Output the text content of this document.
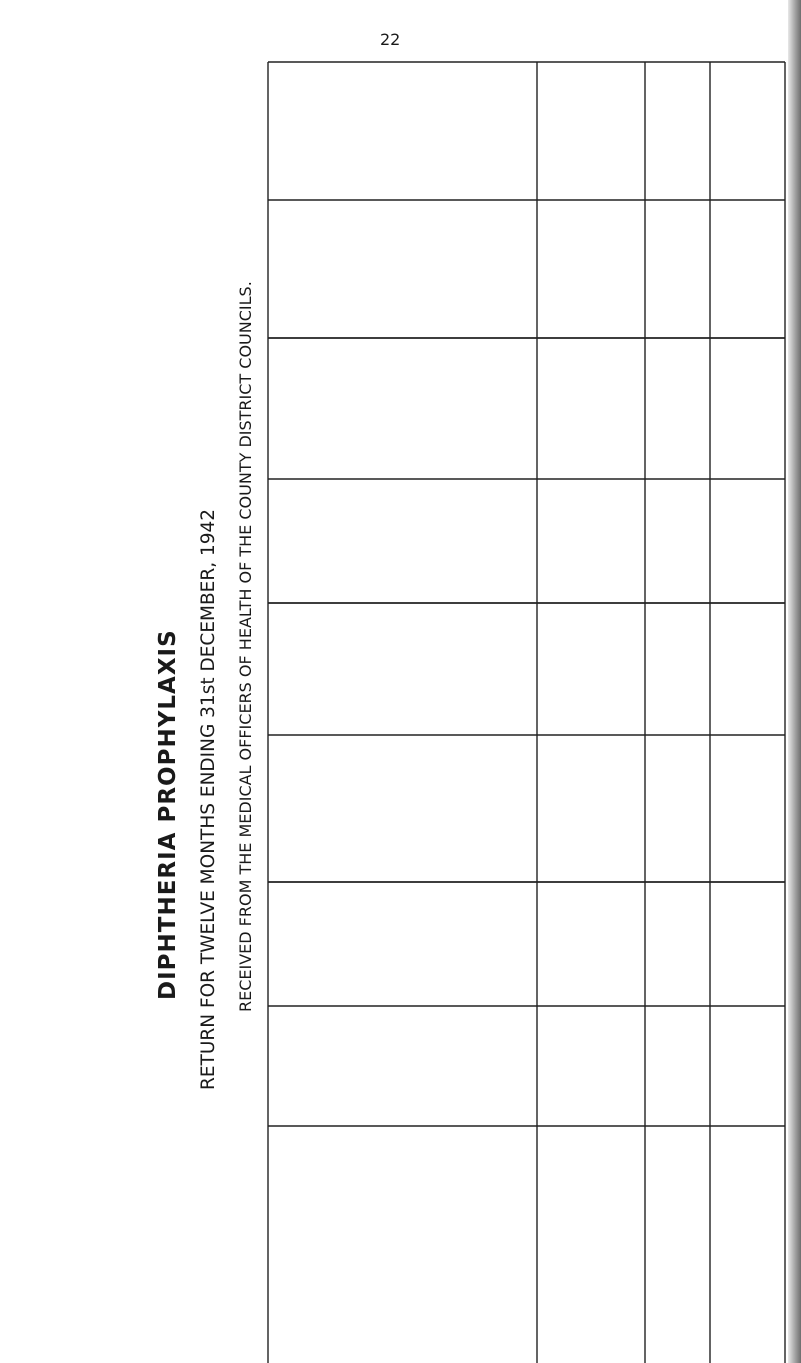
22
DIPHTHERIA PROPHYLAXIS RETURN FOR TWELVE MONTHS ENDING 31st DECEMBER, 1942 RECEIVED FROM THE MEDICAL OFFICERS OF HEALTH OF THE COUNTY DISTRICT COUNCILS.
